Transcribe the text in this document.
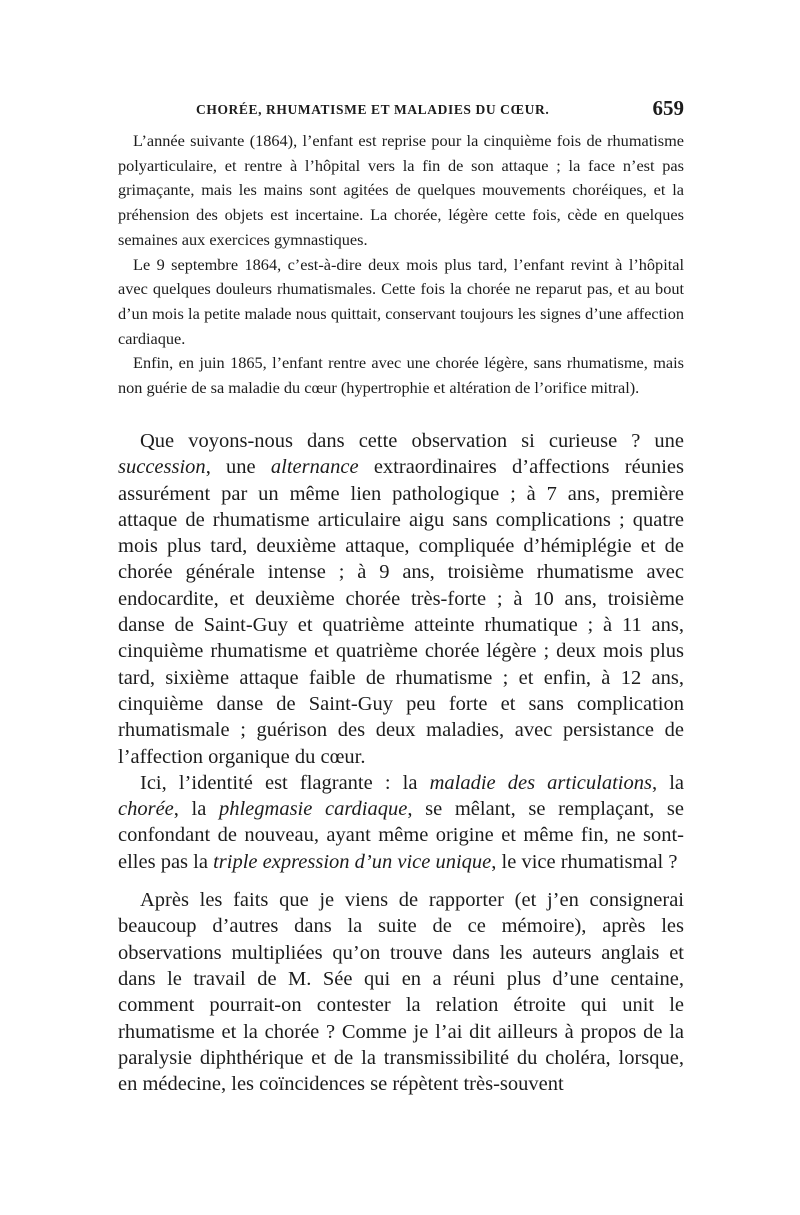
CHORÉE, RHUMATISME ET MALADIES DU CŒUR.	659

L’année suivante (1864), l’enfant est reprise pour la cinquième fois de rhumatisme polyarticulaire, et rentre à l’hôpital vers la fin de son attaque ; la face n’est pas grimaçante, mais les mains sont agitées de quelques mouvements choréiques, et la préhension des objets est incertaine. La chorée, légère cette fois, cède en quelques semaines aux exercices gymnastiques.

Le 9 septembre 1864, c’est-à-dire deux mois plus tard, l’enfant revint à l’hôpital avec quelques douleurs rhumatismales. Cette fois la chorée ne reparut pas, et au bout d’un mois la petite malade nous quittait, conservant toujours les signes d’une affection cardiaque.

Enfin, en juin 1865, l’enfant rentre avec une chorée légère, sans rhumatisme, mais non guérie de sa maladie du cœur (hypertrophie et altération de l’orifice mitral).

Que voyons-nous dans cette observation si curieuse ? une succession, une alternance extraordinaires d’affections réunies assurément par un même lien pathologique ; à 7 ans, première attaque de rhumatisme articulaire aigu sans complications ; quatre mois plus tard, deuxième attaque, compliquée d’hémiplégie et de chorée générale intense ; à 9 ans, troisième rhumatisme avec endocardite, et deuxième chorée très-forte ; à 10 ans, troisième danse de Saint-Guy et quatrième atteinte rhumatique ; à 11 ans, cinquième rhumatisme et quatrième chorée légère ; deux mois plus tard, sixième attaque faible de rhumatisme ; et enfin, à 12 ans, cinquième danse de Saint-Guy peu forte et sans complication rhumatismale ; guérison des deux maladies, avec persistance de l’affection organique du cœur.

Ici, l’identité est flagrante : la maladie des articulations, la chorée, la phlegmasie cardiaque, se mêlant, se remplaçant, se confondant de nouveau, ayant même origine et même fin, ne sont-elles pas la triple expression d’un vice unique, le vice rhumatismal ?

Après les faits que je viens de rapporter (et j’en consignerai beaucoup d’autres dans la suite de ce mémoire), après les observations multipliées qu’on trouve dans les auteurs anglais et dans le travail de M. Sée qui en a réuni plus d’une centaine, comment pourrait-on contester la relation étroite qui unit le rhumatisme et la chorée ? Comme je l’ai dit ailleurs à propos de la paralysie diphthérique et de la transmissibilité du choléra, lorsque, en médecine, les coïncidences se répètent très-souvent
